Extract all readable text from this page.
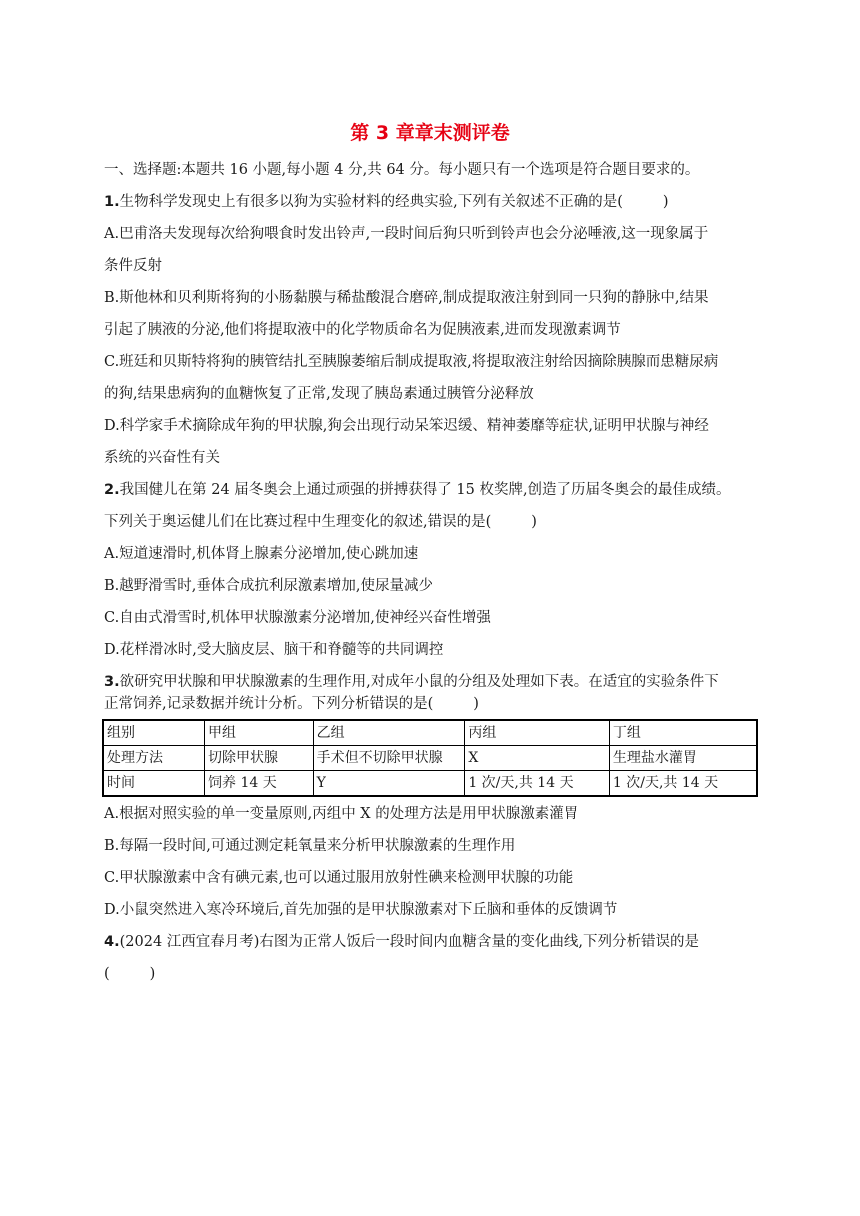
第 3 章章末测评卷
一、选择题:本题共 16 小题,每小题 4 分,共 64 分。每小题只有一个选项是符合题目要求的。
1.生物科学发现史上有很多以狗为实验材料的经典实验,下列有关叙述不正确的是(	)
A.巴甫洛夫发现每次给狗喂食时发出铃声,一段时间后狗只听到铃声也会分泌唾液,这一现象属于
条件反射
B.斯他林和贝利斯将狗的小肠黏膜与稀盐酸混合磨碎,制成提取液注射到同一只狗的静脉中,结果
引起了胰液的分泌,他们将提取液中的化学物质命名为促胰液素,进而发现激素调节
C.班廷和贝斯特将狗的胰管结扎至胰腺萎缩后制成提取液,将提取液注射给因摘除胰腺而患糖尿病
的狗,结果患病狗的血糖恢复了正常,发现了胰岛素通过胰管分泌释放
D.科学家手术摘除成年狗的甲状腺,狗会出现行动呆笨迟缓、精神萎靡等症状,证明甲状腺与神经
系统的兴奋性有关
2.我国健儿在第 24 届冬奥会上通过顽强的拼搏获得了 15 枚奖牌,创造了历届冬奥会的最佳成绩。
下列关于奥运健儿们在比赛过程中生理变化的叙述,错误的是(	)
A.短道速滑时,机体肾上腺素分泌增加,使心跳加速
B.越野滑雪时,垂体合成抗利尿激素增加,使尿量减少
C.自由式滑雪时,机体甲状腺激素分泌增加,使神经兴奋性增强
D.花样滑冰时,受大脑皮层、脑干和脊髓等的共同调控
3.欲研究甲状腺和甲状腺激素的生理作用,对成年小鼠的分组及处理如下表。在适宜的实验条件下
正常饲养,记录数据并统计分析。下列分析错误的是(	)
组别	甲组	乙组	丙组	丁组
处理方法	切除甲状腺	手术但不切除甲状腺	X	生理盐水灌胃
时间	饲养 14 天	Y	1 次/天,共 14 天	1 次/天,共 14 天
A.根据对照实验的单一变量原则,丙组中 X 的处理方法是用甲状腺激素灌胃
B.每隔一段时间,可通过测定耗氧量来分析甲状腺激素的生理作用
C.甲状腺激素中含有碘元素,也可以通过服用放射性碘来检测甲状腺的功能
D.小鼠突然进入寒冷环境后,首先加强的是甲状腺激素对下丘脑和垂体的反馈调节
4.(2024 江西宜春月考)右图为正常人饭后一段时间内血糖含量的变化曲线,下列分析错误的是
(	)
